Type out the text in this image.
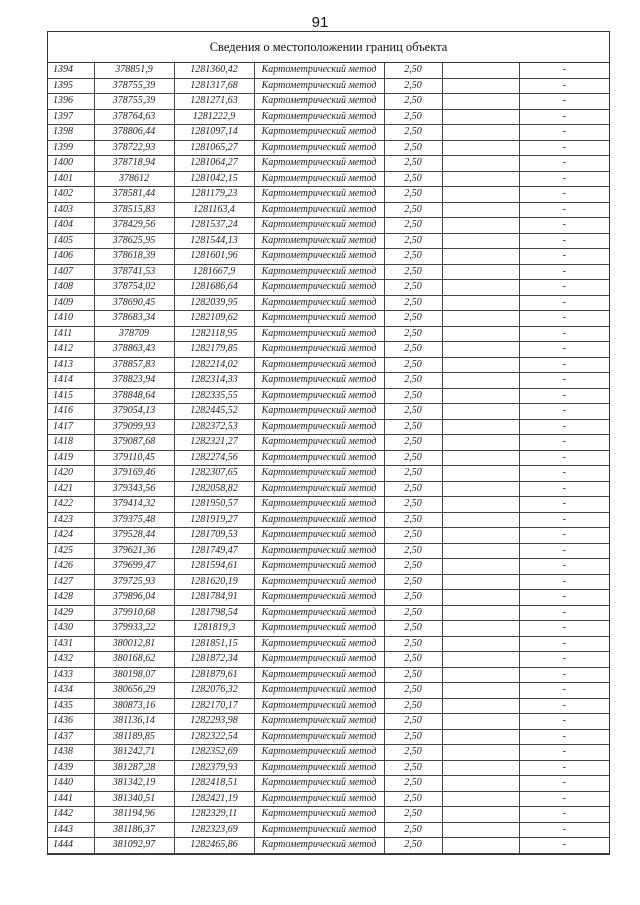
91
Сведения о местоположении границ объекта
1394	378851,9	1281360,42	Картометрический метод	2,50		-
1395	378755,39	1281317,68	Картометрический метод	2,50		-
1396	378755,39	1281271,63	Картометрический метод	2,50		-
1397	378764,63	1281222,9	Картометрический метод	2,50		-
1398	378806,44	1281097,14	Картометрический метод	2,50		-
1399	378722,93	1281065,27	Картометрический метод	2,50		-
1400	378718,94	1281064,27	Картометрический метод	2,50		-
1401	378612	1281042,15	Картометрический метод	2,50		-
1402	378581,44	1281179,23	Картометрический метод	2,50		-
1403	378515,83	1281163,4	Картометрический метод	2,50		-
1404	378429,56	1281537,24	Картометрический метод	2,50		-
1405	378625,95	1281544,13	Картометрический метод	2,50		-
1406	378618,39	1281601,96	Картометрический метод	2,50		-
1407	378741,53	1281667,9	Картометрический метод	2,50		-
1408	378754,02	1281686,64	Картометрический метод	2,50		-
1409	378690,45	1282039,95	Картометрический метод	2,50		-
1410	378683,34	1282109,62	Картометрический метод	2,50		-
1411	378709	1282118,95	Картометрический метод	2,50		-
1412	378863,43	1282179,85	Картометрический метод	2,50		-
1413	378857,83	1282214,02	Картометрический метод	2,50		-
1414	378823,94	1282314,33	Картометрический метод	2,50		-
1415	378848,64	1282335,55	Картометрический метод	2,50		-
1416	379054,13	1282445,52	Картометрический метод	2,50		-
1417	379099,93	1282372,53	Картометрический метод	2,50		-
1418	379087,68	1282321,27	Картометрический метод	2,50		-
1419	379110,45	1282274,56	Картометрический метод	2,50		-
1420	379169,46	1282307,65	Картометрический метод	2,50		-
1421	379343,56	1282058,82	Картометрический метод	2,50		-
1422	379414,32	1281950,57	Картометрический метод	2,50		-
1423	379375,48	1281919,27	Картометрический метод	2,50		-
1424	379528,44	1281709,53	Картометрический метод	2,50		-
1425	379621,36	1281749,47	Картометрический метод	2,50		-
1426	379699,47	1281594,61	Картометрический метод	2,50		-
1427	379725,93	1281620,19	Картометрический метод	2,50		-
1428	379896,04	1281784,91	Картометрический метод	2,50		-
1429	379910,68	1281798,54	Картометрический метод	2,50		-
1430	379933,22	1281819,3	Картометрический метод	2,50		-
1431	380012,81	1281851,15	Картометрический метод	2,50		-
1432	380168,62	1281872,34	Картометрический метод	2,50		-
1433	380198,07	1281879,61	Картометрический метод	2,50		-
1434	380656,29	1282076,32	Картометрический метод	2,50		-
1435	380873,16	1282170,17	Картометрический метод	2,50		-
1436	381136,14	1282293,98	Картометрический метод	2,50		-
1437	381189,85	1282322,54	Картометрический метод	2,50		-
1438	381242,71	1282352,69	Картометрический метод	2,50		-
1439	381287,28	1282379,93	Картометрический метод	2,50		-
1440	381342,19	1282418,51	Картометрический метод	2,50		-
1441	381340,51	1282421,19	Картометрический метод	2,50		-
1442	381194,96	1282329,11	Картометрический метод	2,50		-
1443	381186,37	1282323,69	Картометрический метод	2,50		-
1444	381092,97	1282465,86	Картометрический метод	2,50		-
